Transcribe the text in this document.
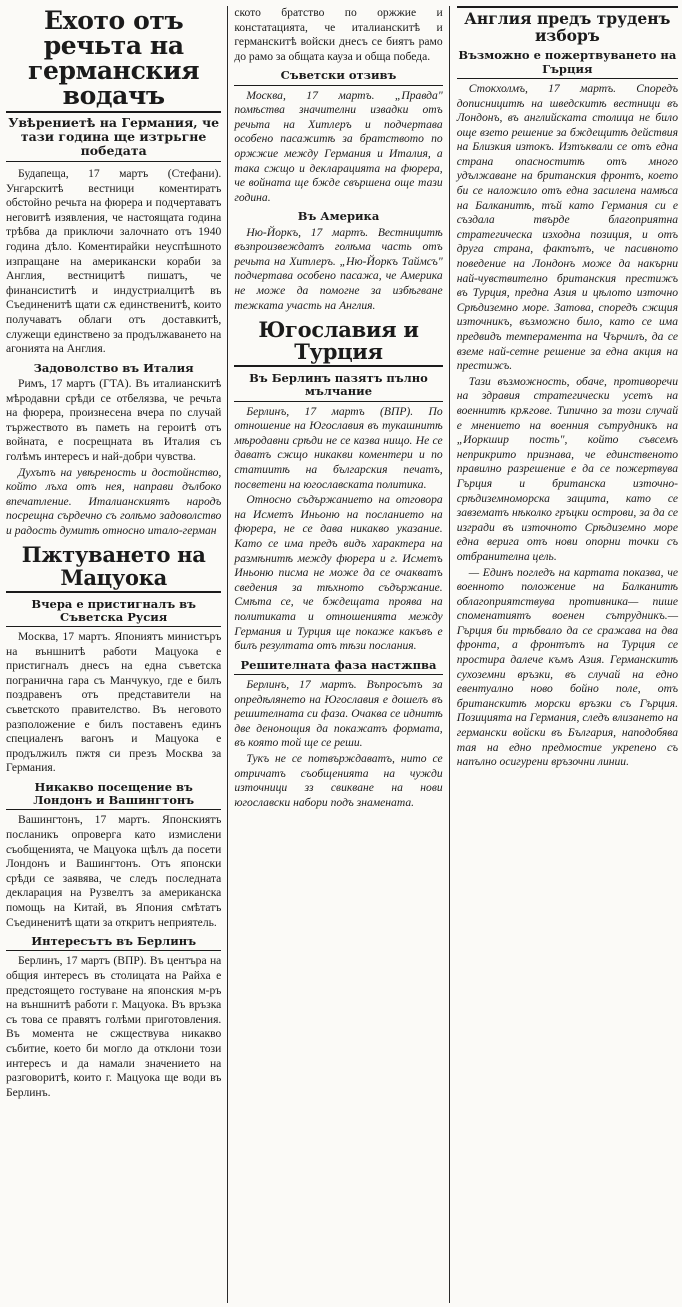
Ехото отъ речьта на германския водачъ
Увѣрениетѣ на Германия, че тази година ще изтрьгне победата

Будапеща, 17 мартъ (Стефани). Унгарскитѣ вестници коментиратъ обстойно речьта на фюрера и подчертаватъ неговитѣ изявления, че настоящата година трѣбва да приключи залочнато отъ 1940 година дѣло. Коментирайки неуспѣшното изпращане на американски кораби за Англия, вестницитѣ пишатъ, че финансиститѣ и индустриалцитѣ въ Съединенитѣ щати сѫ единственитѣ, които получаватъ облаги отъ доставкитѣ, служещи единствено за продължаването на агонията на Англия.

Задоволство въ Италия

Римъ, 17 мартъ (ГТА). Въ италианскитѣ мѣродавни срѣди се отбелязва, че речьта на фюрера, произнесена вчера по случай тържеството въ паметь на героитѣ отъ войната, е посрещната въ Италия съ голѣмъ интересъ и най-добри чувства.

Духътъ на увѣреность и достойнство, който лъха отъ нея, направи дълбоко впечатление. Италианскиятъ народъ посрещна сърдечно съ голѣмо задоволство и радость думитѣ относно итало-герман

Пжтуването на Мацуока
Вчера е пристигналъ въ Съветска Русия

Москва, 17 мартъ. Япониятъ министъръ на външнитѣ работи Мацуока е пристигналъ днесъ на една съветска погранична гара съ Манчукуо, где е билъ поздравенъ отъ представители на съветското правителство. Въ неговото разположение е билъ поставенъ единъ специаленъ вагонъ и Мацуока е продължилъ пжтя си презъ Москва за Германия.

Никакво посещение въ Лондонъ и Вашингтонъ

Вашингтонъ, 17 мартъ. Японскиятъ посланикъ опроверга като измислени съобщенията, че Мацуока щѣлъ да посети Лондонъ и Вашингтонъ. Отъ японски срѣди се заявява, че следъ последната декларация на Рузвелтъ за американска помощь на Китай, въ Япония смѣтатъ Съединенитѣ щати за откритъ неприятель.

Интересътъ въ Берлинъ

Берлинъ, 17 мартъ (ВПР). Въ центъра на общия интересъ въ столицата на Райха е предстоящето гостуване на японския м-ръ на външнитѣ работи г. Мацуока. Въ връзка съ това се правятъ голѣми приготовления. Въ момента не сжществува никакво събитие, което би могло да отклони този интересъ и да намали значението на разговоритѣ, които г. Мацуока ще води въ Берлинъ.

ското братство по оржжие и констатацията, че италианскитѣ и германскитѣ войски днесъ се биятъ рамо до рамо за общата кауза и обща победа.

Съветски отзивъ

Москва, 17 мартъ. „Правда" помѣства значителни извадки отъ речьта на Хитлеръ и подчертава особено пасажитѣ за братството по оржжие между Германия и Италия, а така сжщо и декларацията на фюрера, че войната ще бжде свършена още тази година.

Въ Америка

Ню-Йоркъ, 17 мартъ. Вестницитѣ възпроизвеждатъ голѣма часть отъ речьта на Хитлеръ. „Ню-Йоркъ Таймсъ" подчертава особено пасажа, че Америка не може да помогне за избѣгване тежката участь на Англия.

Югославия и Турция
Въ Берлинъ пазятъ пълно мълчание

Берлинъ, 17 мартъ (ВПР). По отношение на Югославия въ тукашнитѣ мѣродавни срѣди не се казва нищо. Не се даватъ сжщо никакви коментери и по статиитѣ на българския печатъ, посветени на югославската политика.

Относно съдържанието на отговора на Исметъ Иньоню на посланието на фюрера, не се дава никакво указание. Като се има предъ видъ характера на размѣнитѣ между фюрера и г. Исметъ Иньоню писма не може да се очакватъ сведения за тѣхното съдържание. Смѣта се, че бждещата проява на политиката и отношенията между Германия и Турция ще покаже какъвъ е билъ резултата отъ тѣзи послания.

Решителната фаза настжпва

Берлинъ, 17 мартъ. Въпросътъ за опредѣлянето на Югославия е дошелъ въ решителната си фаза. Очаква се иднитѣ две денонощия да покажатъ формата, въ която той ще се реши.

Тукъ не се потвърждаватъ, нито се отричатъ съобщенията на чужди източници зз свикване на нови югославски набори подъ знамената.

Англия предъ труденъ изборъ
Възможно е пожертвуването на Гърция

Стокхолмъ, 17 мартъ. Споредъ дописницитѣ на шведскитѣ вестници въ Лондонъ, въ английската столица не било още взето решение за бждещитѣ действия на Близкия изтокъ. Изтъквали се отъ една страна опасноститѣ отъ много удължаване на британския фронтъ, което би се наложило отъ една засилена намѣса на Балканитѣ, тъй като Германия си е създала твърде благоприятна стратегическа изходна позиция, и отъ друга страна, фактътъ, че пасивното поведение на Лондонъ може да накърни най-чувствително британския престижъ въ Турция, предна Азия и цѣлото източно Срѣдиземно море. Затова, споредъ сжщия източникъ, възможно било, като се има предвидъ темперамента на Чърчилъ, да се вземе най-сетне решение за една акция на престижъ.

Тази възможность, обаче, противоречи на здравия стратегически усетъ на военнитѣ крѫгове. Типично за този случай е мнението на военния сътрудникъ на „Иоркшир пость", който съвсемъ неприкрито признава, че единственото правилно разрешение е да се пожертвува Гърция и британска източно-срѣдиземноморска защита, като се завзематъ нѣколко гръцки острови, за да се изгради въ източното Срѣдиземно море една верига отъ нови опорни точки съ отбранителна цель.

— Единъ погледъ на картата показва, че военното положение на Балканитѣ облагоприятствува противника— пише споменатиятъ военен сътрудникъ.— Гърция би трѣбвало да се сражава на два фронта, а фронтътъ на Турция се простира далече къмъ Азия. Германскитѣ сухоземни връзки, въ случай на едно евентуално ново бойно поле, отъ британскитѣ морски връзки съ Гърция. Позицията на Германия, следъ влизането на германски войски въ България, наподобява тая на едно предмостие укрепено съ напълно осигурени връзочни линии.
